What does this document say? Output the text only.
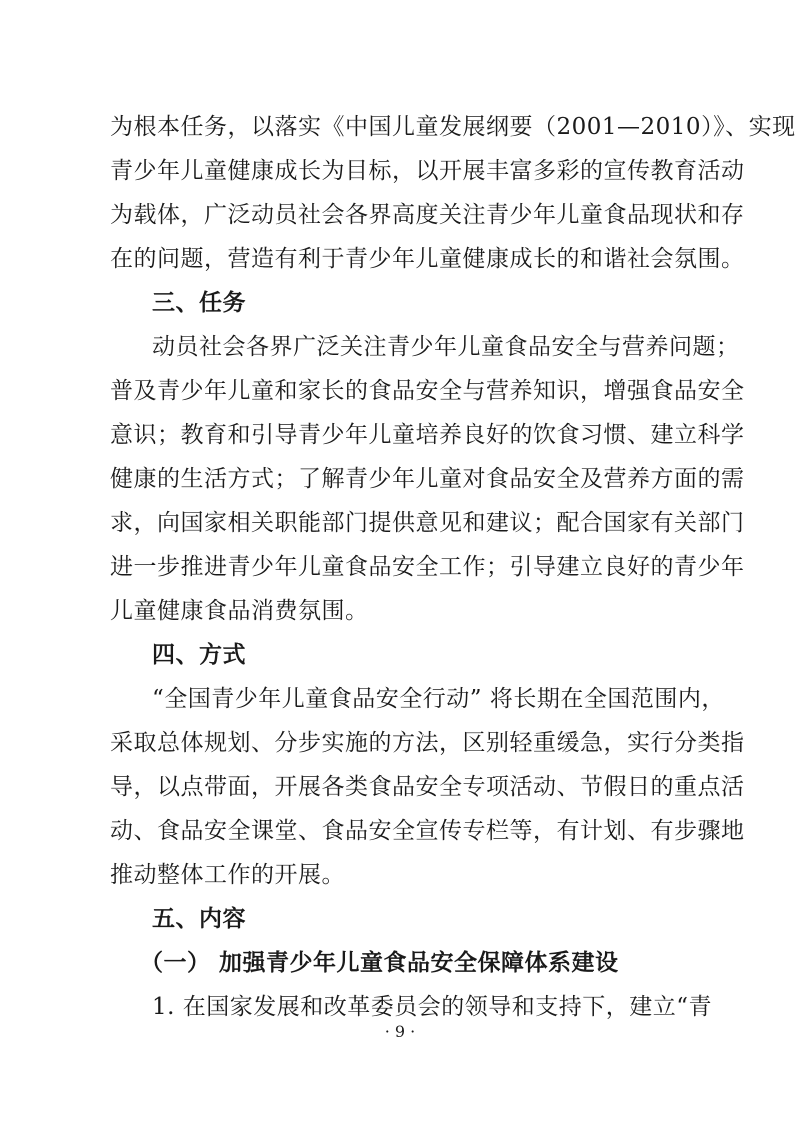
为根本任务，以落实《中国儿童发展纲要（2001—2010）》、实现
青少年儿童健康成长为目标，以开展丰富多彩的宣传教育活动
为载体，广泛动员社会各界高度关注青少年儿童食品现状和存
在的问题，营造有利于青少年儿童健康成长的和谐社会氛围。
三、任务
动员社会各界广泛关注青少年儿童食品安全与营养问题；
普及青少年儿童和家长的食品安全与营养知识，增强食品安全
意识；教育和引导青少年儿童培养良好的饮食习惯、建立科学
健康的生活方式；了解青少年儿童对食品安全及营养方面的需
求，向国家相关职能部门提供意见和建议；配合国家有关部门
进一步推进青少年儿童食品安全工作；引导建立良好的青少年
儿童健康食品消费氛围。
四、方式
“全国青少年儿童食品安全行动” 将长期在全国范围内，
采取总体规划、分步实施的方法，区别轻重缓急，实行分类指
导，以点带面，开展各类食品安全专项活动、节假日的重点活
动、食品安全课堂、食品安全宣传专栏等，有计划、有步骤地
推动整体工作的开展。
五、内容
（一） 加强青少年儿童食品安全保障体系建设
1. 在国家发展和改革委员会的领导和支持下，建立“青
· 9 ·
